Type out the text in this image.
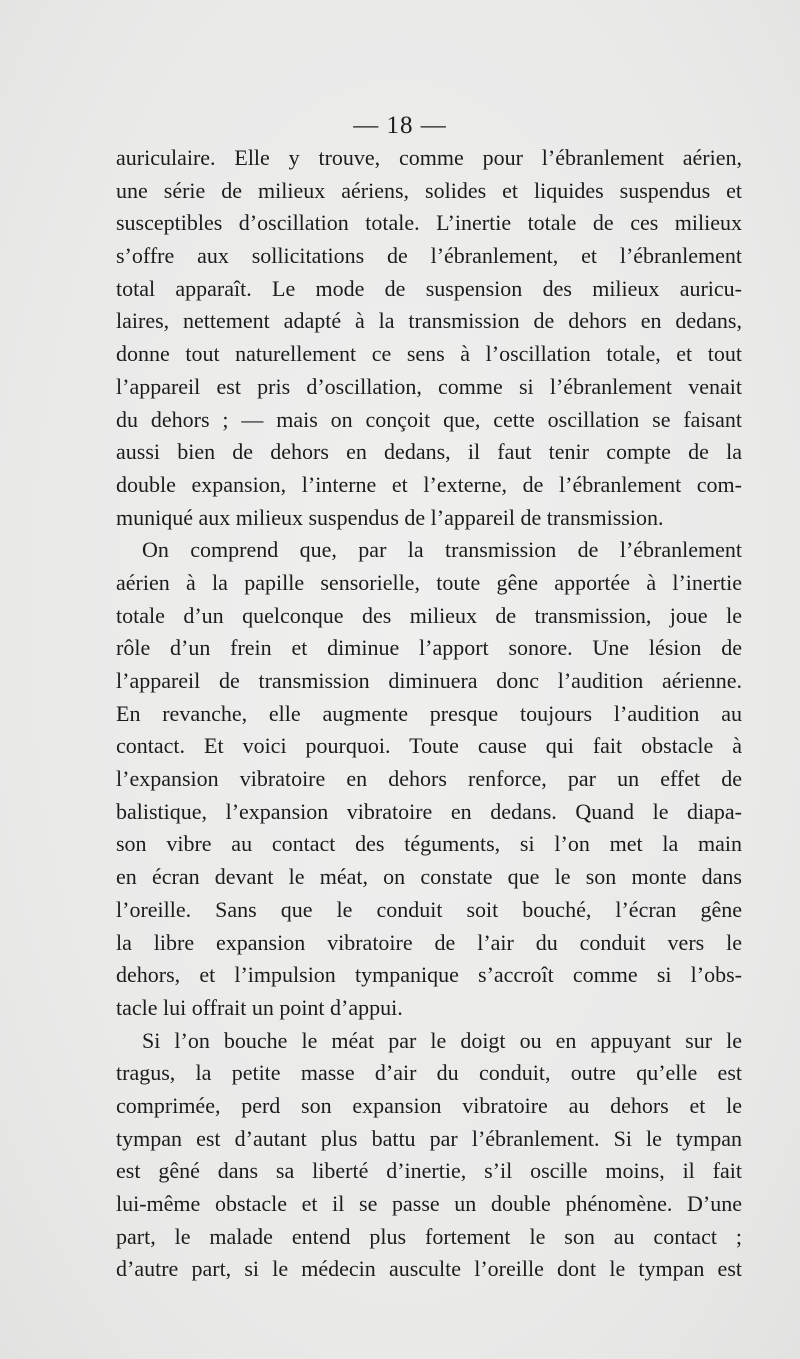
— 18 —
auriculaire. Elle y trouve, comme pour l’ébranlement aérien,
une série de milieux aériens, solides et liquides suspendus et
susceptibles d’oscillation totale. L’inertie totale de ces milieux
s’offre aux sollicitations de l’ébranlement, et l’ébranlement
total apparaît. Le mode de suspension des milieux auricu-
laires, nettement adapté à la transmission de dehors en dedans,
donne tout naturellement ce sens à l’oscillation totale, et tout
l’appareil est pris d’oscillation, comme si l’ébranlement venait
du dehors ; — mais on conçoit que, cette oscillation se faisant
aussi bien de dehors en dedans, il faut tenir compte de la
double expansion, l’interne et l’externe, de l’ébranlement com-
muniqué aux milieux suspendus de l’appareil de transmission.
On comprend que, par la transmission de l’ébranlement
aérien à la papille sensorielle, toute gêne apportée à l’inertie
totale d’un quelconque des milieux de transmission, joue le
rôle d’un frein et diminue l’apport sonore. Une lésion de
l’appareil de transmission diminuera donc l’audition aérienne.
En revanche, elle augmente presque toujours l’audition au
contact. Et voici pourquoi. Toute cause qui fait obstacle à
l’expansion vibratoire en dehors renforce, par un effet de
balistique, l’expansion vibratoire en dedans. Quand le diapa-
son vibre au contact des téguments, si l’on met la main
en écran devant le méat, on constate que le son monte dans
l’oreille. Sans que le conduit soit bouché, l’écran gêne
la libre expansion vibratoire de l’air du conduit vers le
dehors, et l’impulsion tympanique s’accroît comme si l’obs-
tacle lui offrait un point d’appui.
Si l’on bouche le méat par le doigt ou en appuyant sur le
tragus, la petite masse d’air du conduit, outre qu’elle est
comprimée, perd son expansion vibratoire au dehors et le
tympan est d’autant plus battu par l’ébranlement. Si le tympan
est gêné dans sa liberté d’inertie, s’il oscille moins, il fait
lui-même obstacle et il se passe un double phénomène. D’une
part, le malade entend plus fortement le son au contact ;
d’autre part, si le médecin ausculte l’oreille dont le tympan est
